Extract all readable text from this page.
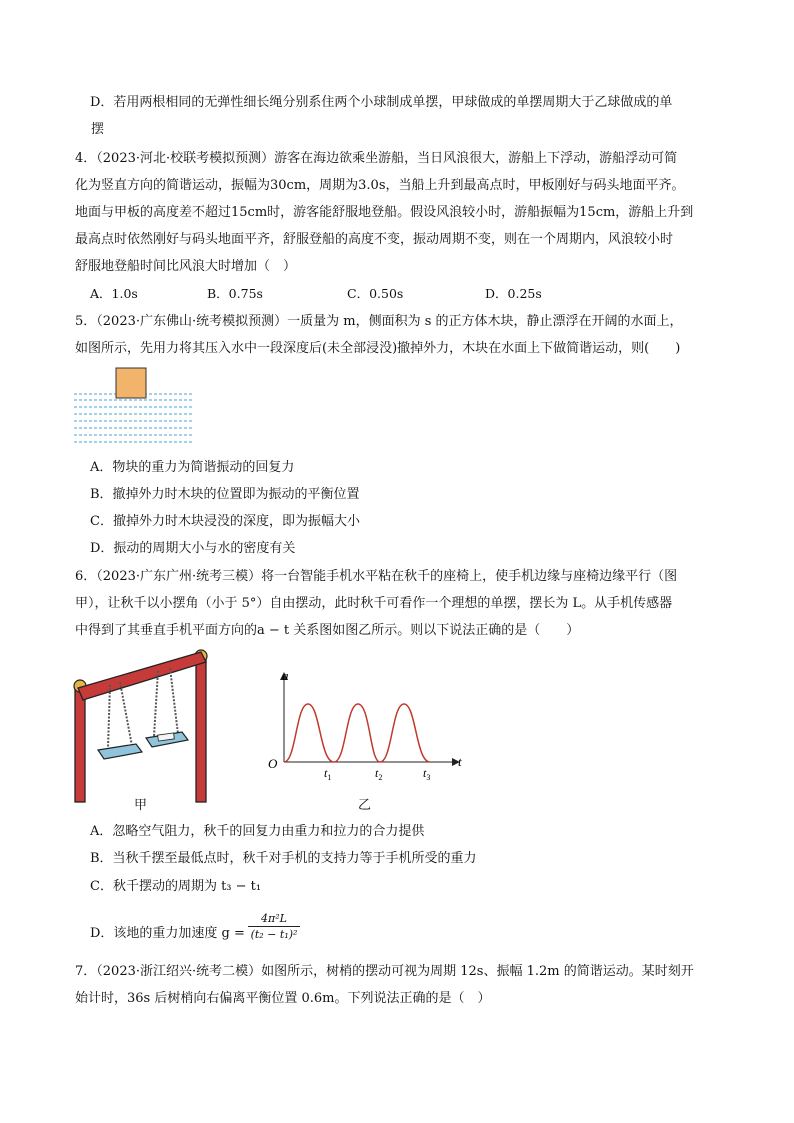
D．若用两根相同的无弹性细长绳分别系住两个小球制成单摆，甲球做成的单摆周期大于乙球做成的单
摆
4．（2023·河北·校联考模拟预测）游客在海边欲乘坐游船，当日风浪很大，游船上下浮动，游船浮动可简
化为竖直方向的简谐运动，振幅为30cm，周期为3.0s，当船上升到最高点时，甲板刚好与码头地面平齐。
地面与甲板的高度差不超过15cm时，游客能舒服地登船。假设风浪较小时，游船振幅为15cm，游船上升到
最高点时依然刚好与码头地面平齐，舒服登船的高度不变，振动周期不变，则在一个周期内，风浪较小时
舒服地登船时间比风浪大时增加（　）
A．1.0s	B．0.75s	C．0.50s	D．0.25s
5．（2023·广东佛山·统考模拟预测）一质量为 m，侧面积为 s 的正方体木块，静止漂浮在开阔的水面上，
如图所示，先用力将其压入水中一段深度后(未全部浸没)撤掉外力，木块在水面上下做简谐运动，则(　　)
A．物块的重力为简谐振动的回复力
B．撤掉外力时木块的位置即为振动的平衡位置
C．撤掉外力时木块浸没的深度，即为振幅大小
D．振动的周期大小与水的密度有关
6．（2023·广东广州·统考三模）将一台智能手机水平粘在秋千的座椅上，使手机边缘与座椅边缘平行（图
甲），让秋千以小摆角（小于 5°）自由摆动，此时秋千可看作一个理想的单摆，摆长为 L。从手机传感器
中得到了其垂直手机平面方向的a − t 关系图如图乙所示。则以下说法正确的是（　　）
甲
a
t
O
$t_1$	$t_2$	$t_3$
乙
A．忽略空气阻力，秋千的回复力由重力和拉力的合力提供
B．当秋千摆至最低点时，秋千对手机的支持力等于手机所受的重力
C．秋千摆动的周期为 t₃ − t₁
D．该地的重力加速度 $g = \frac{\text{4π²L}}{\text{(t₂ − t₁)²}}$
7．（2023·浙江绍兴·统考二模）如图所示，树梢的摆动可视为周期 12s、振幅 1.2m 的简谐运动。某时刻开
始计时，36s 后树梢向右偏离平衡位置 0.6m。下列说法正确的是（　）
